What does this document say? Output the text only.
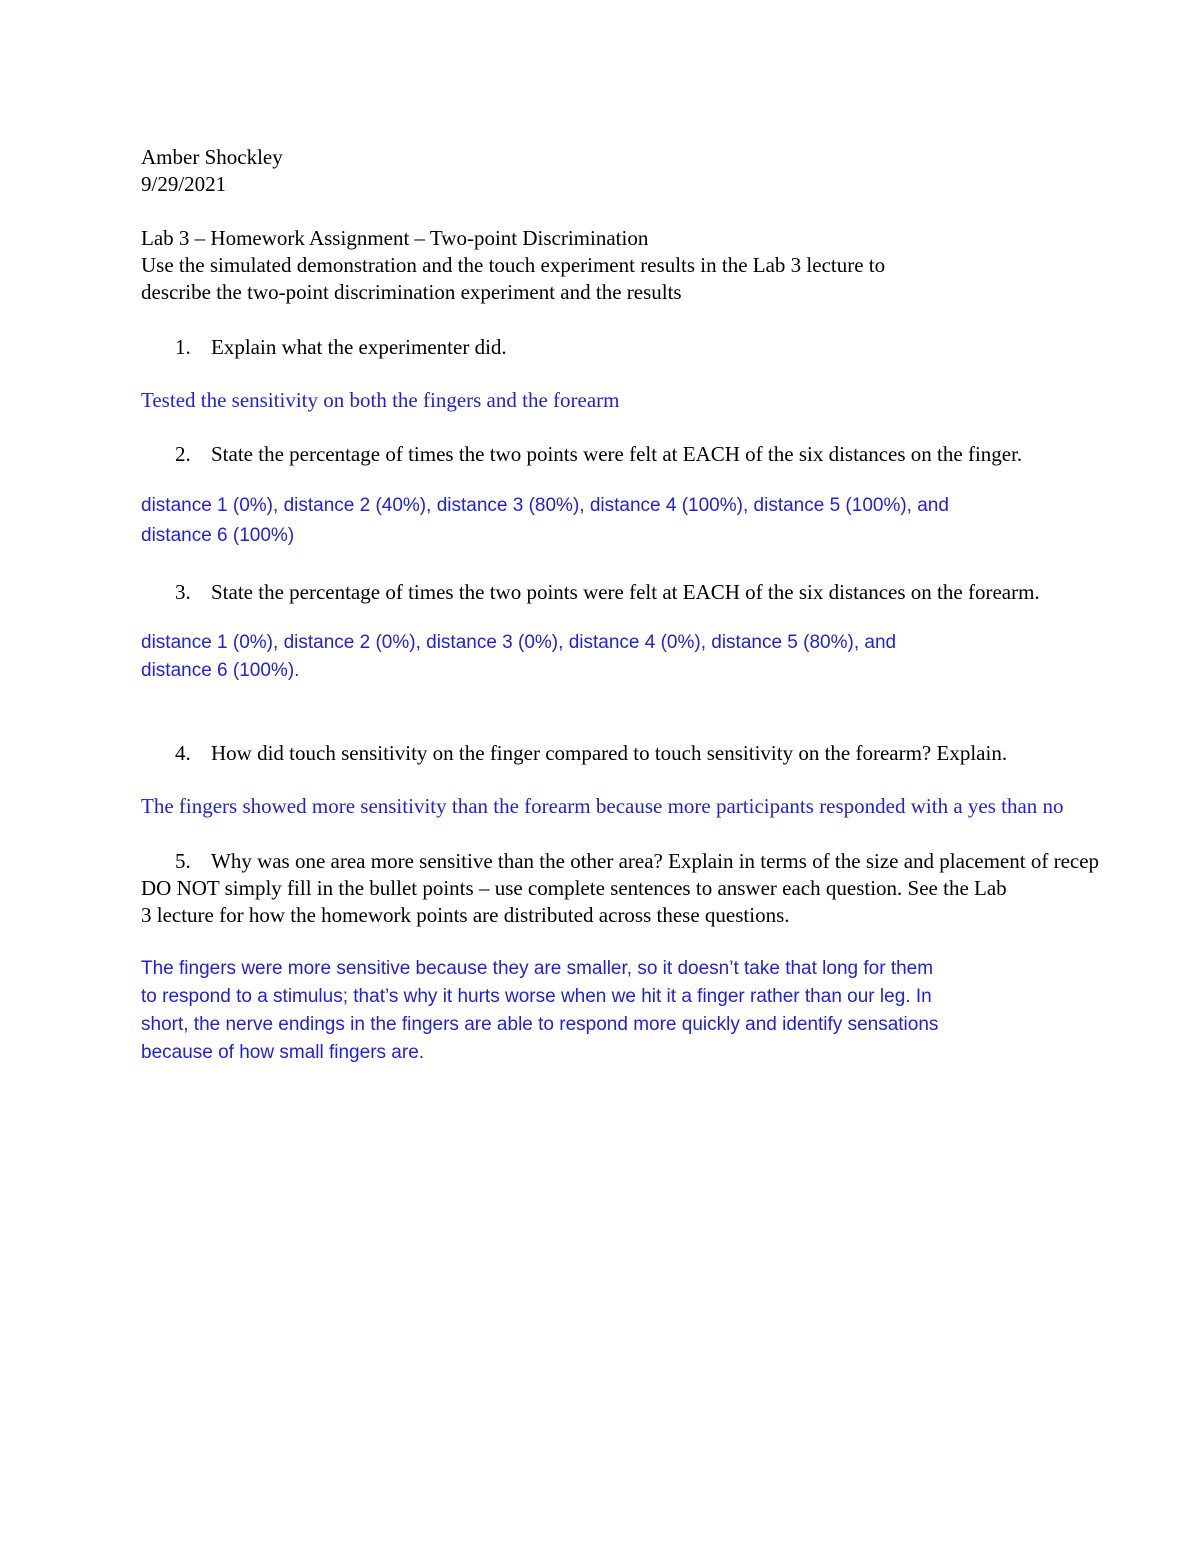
Amber Shockley
9/29/2021
Lab 3 – Homework Assignment – Two-point Discrimination
Use the simulated demonstration and the touch experiment results in the Lab 3 lecture to
describe the two-point discrimination experiment and the results
1. Explain what the experimenter did.
Tested the sensitivity on both the fingers and the forearm
2. State the percentage of times the two points were felt at EACH of the six distances on the finger.
distance 1 (0%), distance 2 (40%), distance 3 (80%), distance 4 (100%), distance 5 (100%), and
distance 6 (100%)
3. State the percentage of times the two points were felt at EACH of the six distances on the forearm.
distance 1 (0%), distance 2 (0%), distance 3 (0%), distance 4 (0%), distance 5 (80%), and
distance 6 (100%).
4. How did touch sensitivity on the finger compared to touch sensitivity on the forearm? Explain.
The fingers showed more sensitivity than the forearm because more participants responded with a yes than no
5. Why was one area more sensitive than the other area? Explain in terms of the size and placement of recep
DO NOT simply fill in the bullet points – use complete sentences to answer each question. See the Lab
3 lecture for how the homework points are distributed across these questions.
The fingers were more sensitive because they are smaller, so it doesn’t take that long for them
to respond to a stimulus; that’s why it hurts worse when we hit it a finger rather than our leg. In
short, the nerve endings in the fingers are able to respond more quickly and identify sensations
because of how small fingers are.
